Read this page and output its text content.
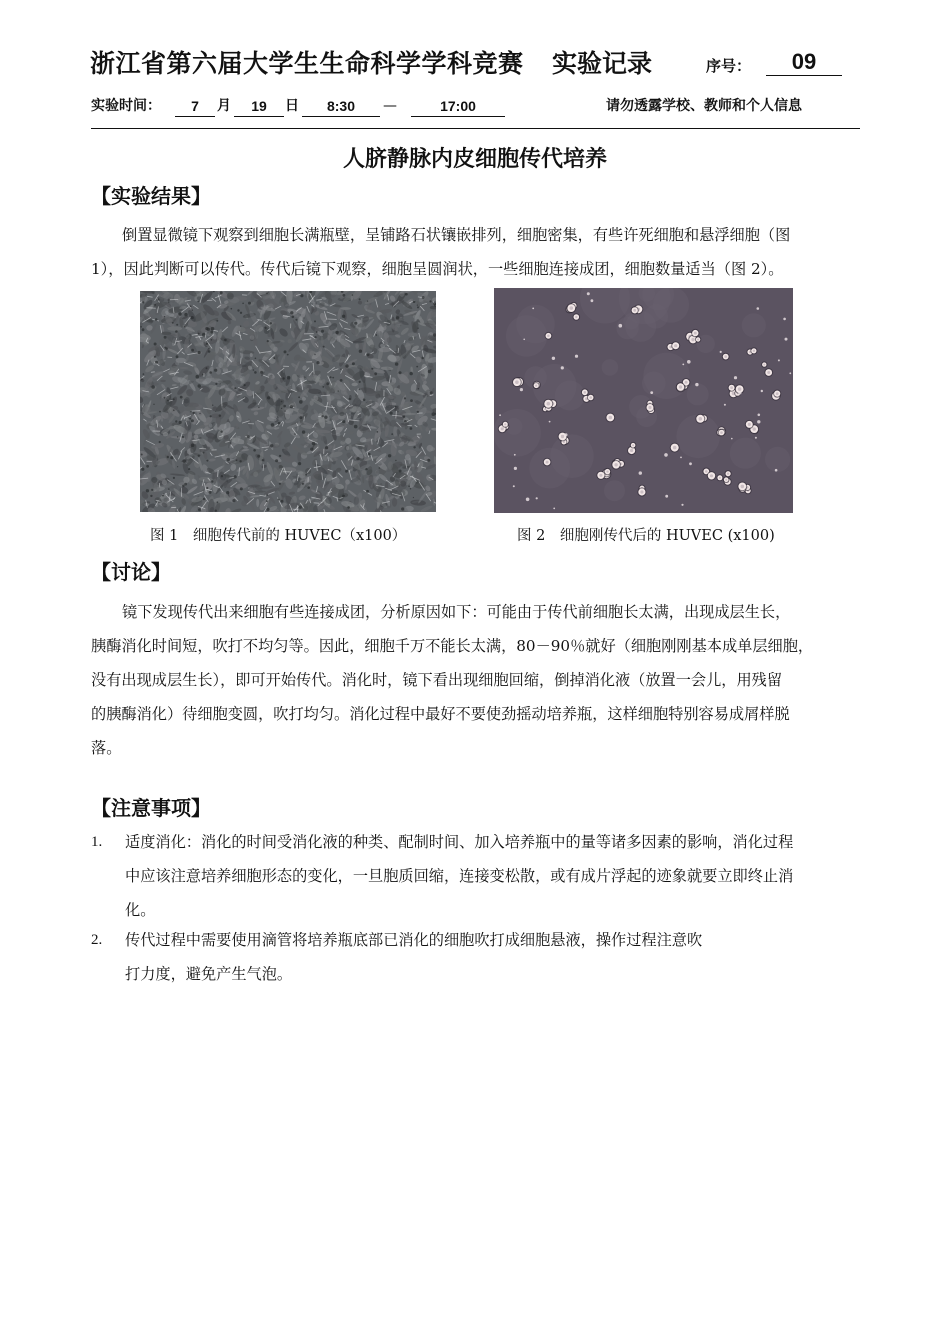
浙江省第六届大学生生命科学学科竞赛 实验记录	序号：	09
实验时间：	7	月	19	日	8:30	—	17:00	请勿透露学校、教师和个人信息
人脐静脉内皮细胞传代培养
【实验结果】
倒置显微镜下观察到细胞长满瓶壁，呈铺路石状镶嵌排列，细胞密集，有些许死细胞和悬浮细胞（图
1），因此判断可以传代。传代后镜下观察，细胞呈圆润状，一些细胞连接成团，细胞数量适当（图 2）。
图 1　细胞传代前的 HUVEC（x100）	图 2　细胞刚传代后的 HUVEC (x100)
【讨论】
镜下发现传代出来细胞有些连接成团，分析原因如下：可能由于传代前细胞长太满，出现成层生长，
胰酶消化时间短，吹打不均匀等。因此，细胞千万不能长太满，80－90％就好（细胞刚刚基本成单层细胞，
没有出现成层生长），即可开始传代。消化时，镜下看出现细胞回缩，倒掉消化液（放置一会儿，用残留
的胰酶消化）待细胞变圆，吹打均匀。消化过程中最好不要使劲摇动培养瓶，这样细胞特别容易成屑样脱
落。
【注意事项】
1. 适度消化：消化的时间受消化液的种类、配制时间、加入培养瓶中的量等诸多因素的影响，消化过程
中应该注意培养细胞形态的变化，一旦胞质回缩，连接变松散，或有成片浮起的迹象就要立即终止消
化。
2. 传代过程中需要使用滴管将培养瓶底部已消化的细胞吹打成细胞悬液，操作过程注意吹
打力度，避免产生气泡。
